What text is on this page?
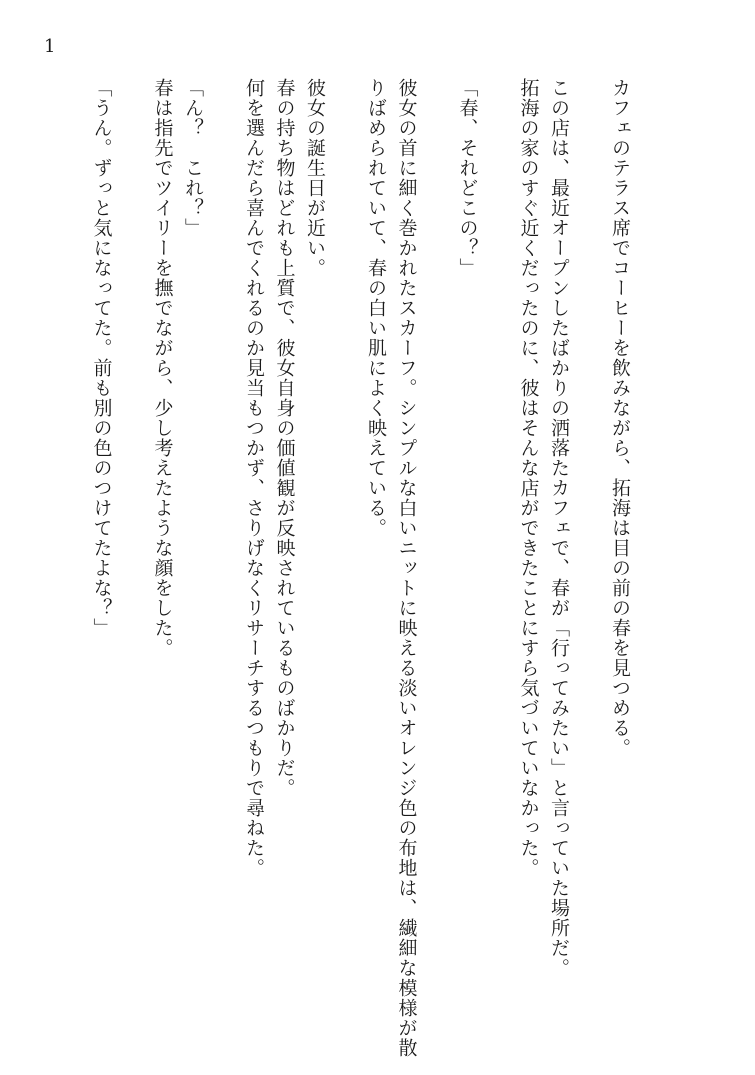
1

カフェのテラス席でコーヒーを飲みながら、拓海は目の前の春を見つめる。

この店は、最近オープンしたばかりの洒落たカフェで、春が「行ってみたい」と言っていた場所だ。

拓海の家のすぐ近くだったのに、彼はそんな店ができたことにすら気づいていなかった。

「春、それどこの？」

彼女の首に細く巻かれたスカーフ。シンプルな白いニットに映える淡いオレンジ色の布地は、繊細な模様が散

りばめられていて、春の白い肌によく映えている。

彼女の誕生日が近い。

春の持ち物はどれも上質で、彼女自身の価値観が反映されているものばかりだ。

何を選んだら喜んでくれるのか見当もつかず、さりげなくリサーチするつもりで尋ねた。

「ん？　これ？」

春は指先でツイリーを撫でながら、少し考えたような顔をした。

「うん。ずっと気になってた。前も別の色のつけてたよな？」
